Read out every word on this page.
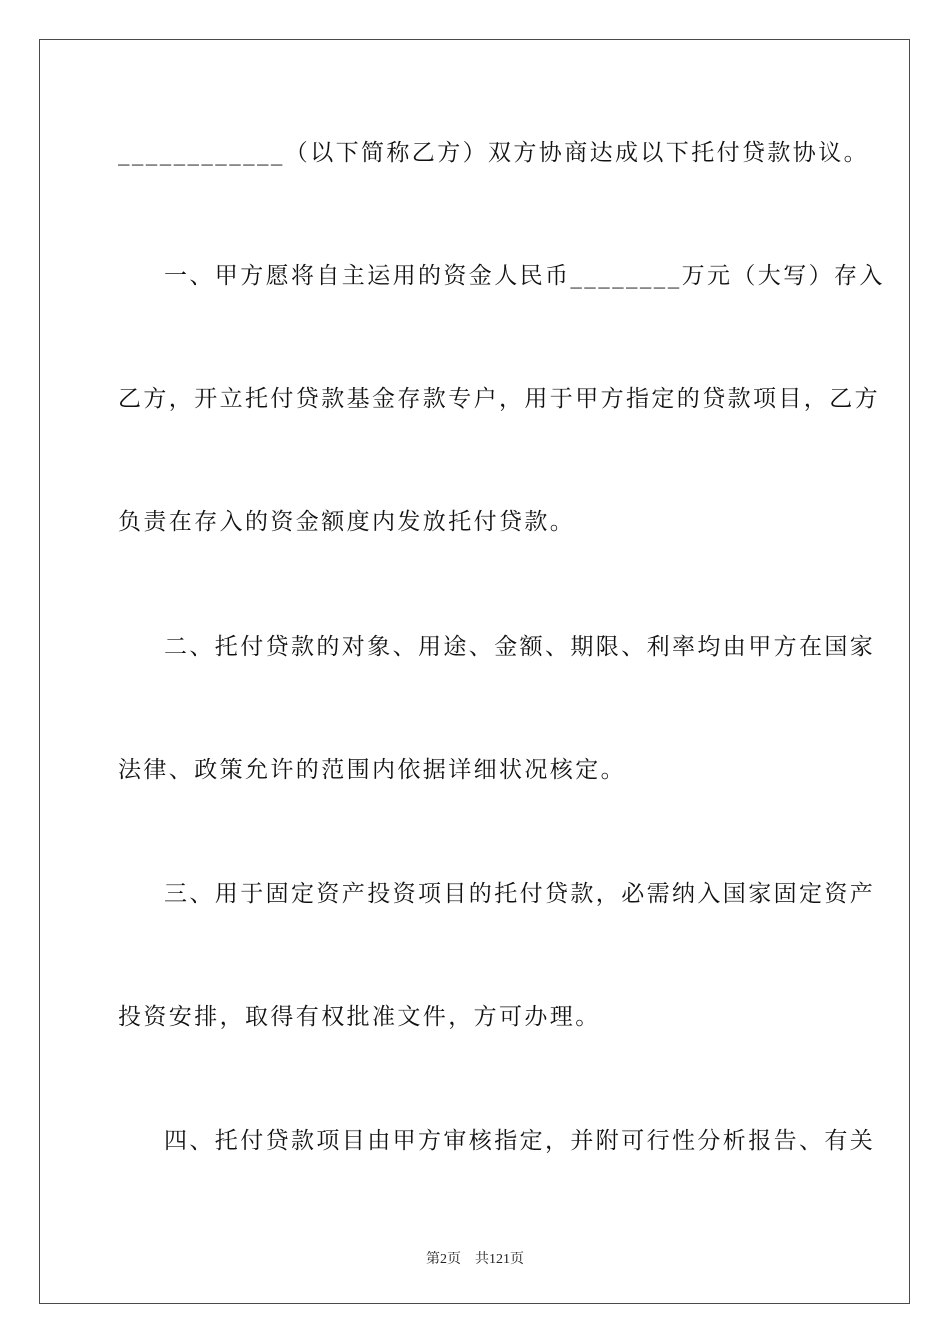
____________（以下简称乙方）双方协商达成以下托付贷款协议。
一、甲方愿将自主运用的资金人民币________万元（大写）存入
乙方，开立托付贷款基金存款专户，用于甲方指定的贷款项目，乙方
负责在存入的资金额度内发放托付贷款。
二、托付贷款的对象、用途、金额、期限、利率均由甲方在国家
法律、政策允许的范围内依据详细状况核定。
三、用于固定资产投资项目的托付贷款，必需纳入国家固定资产
投资安排，取得有权批准文件，方可办理。
四、托付贷款项目由甲方审核指定，并附可行性分析报告、有关
第2页 共121页
